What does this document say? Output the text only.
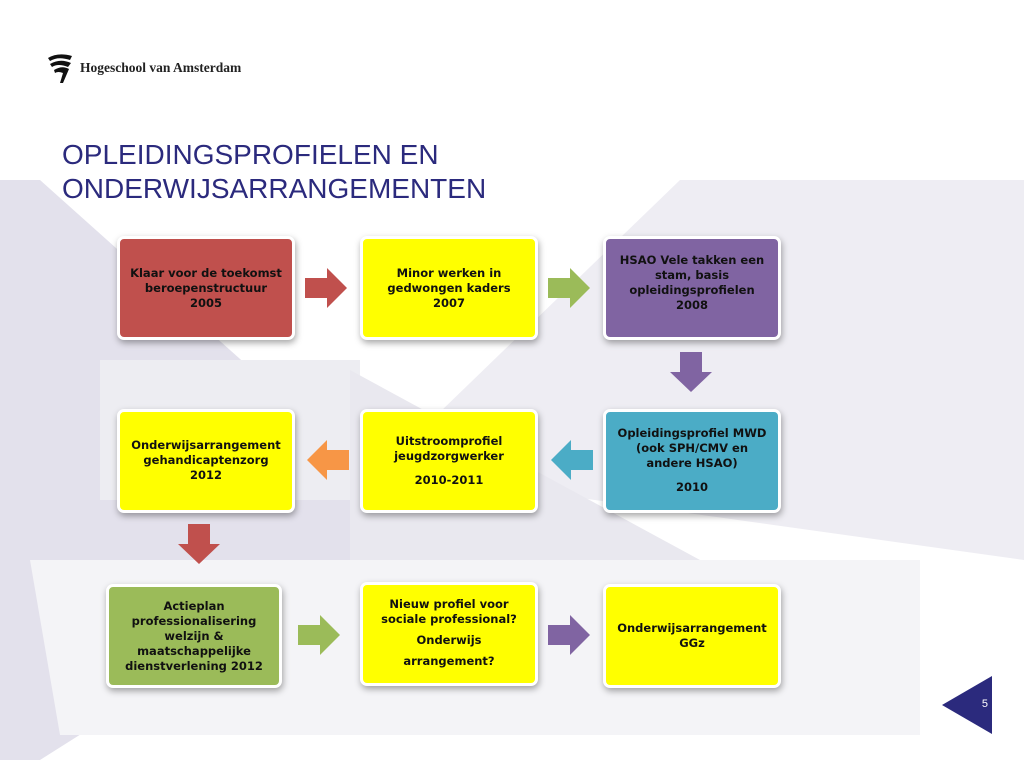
Hogeschool van Amsterdam
OPLEIDINGSPROFIELEN EN
ONDERWIJSARRANGEMENTEN
Klaar voor de toekomst beroepenstructuur 2005
Minor werken in gedwongen kaders 2007
HSAO Vele takken een stam, basis opleidingsprofielen 2008
Opleidingsprofiel MWD (ook SPH/CMV en andere HSAO)
2010
Uitstroomprofiel jeugdzorgwerker
2010-2011
Onderwijsarrangement gehandicaptenzorg 2012
Actieplan professionalisering welzijn & maatschappelijke dienstverlening 2012
Nieuw profiel voor sociale professional?
Onderwijs
arrangement?
Onderwijsarrangement GGz
5
